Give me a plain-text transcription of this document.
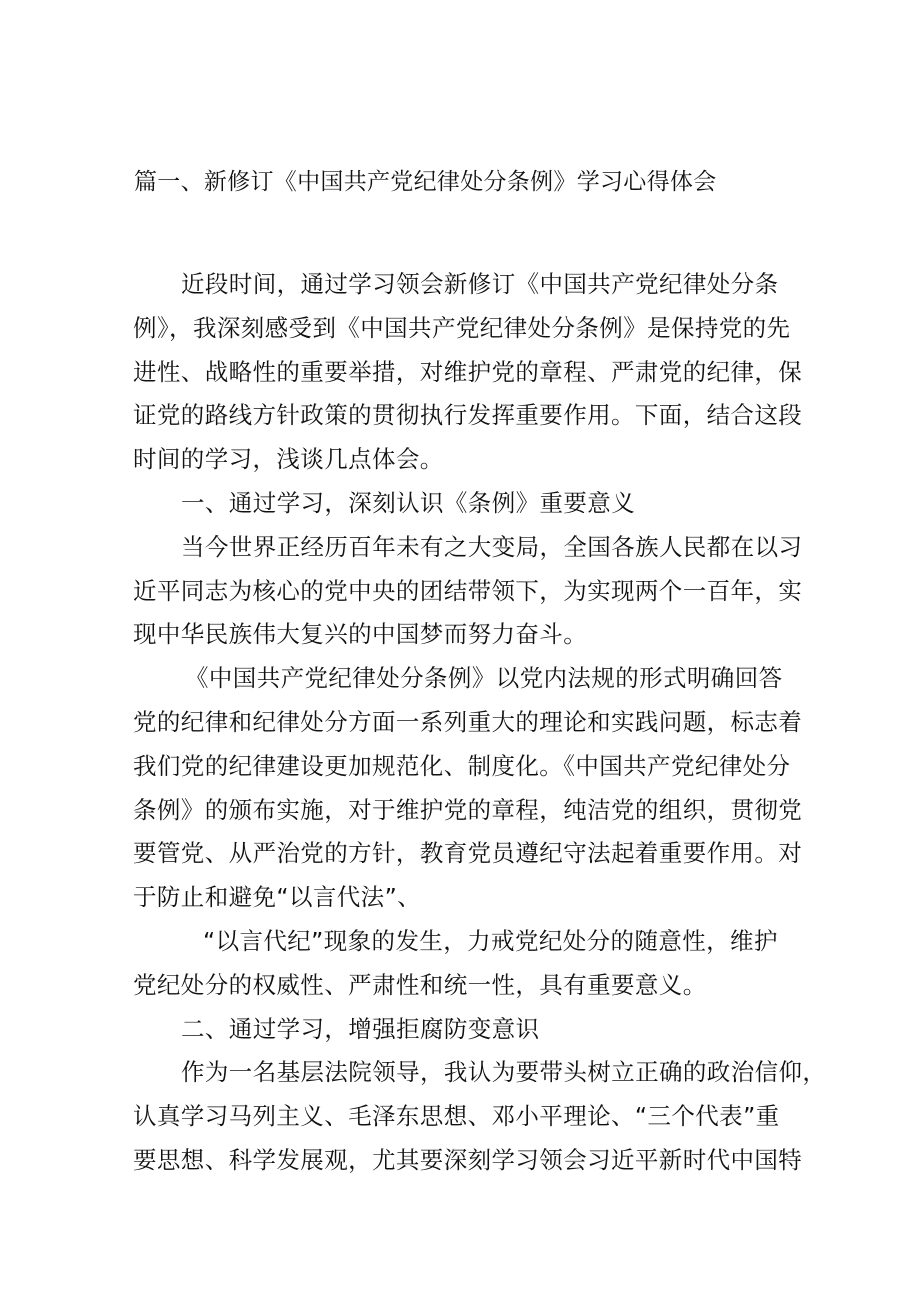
篇一、新修订《中国共产党纪律处分条例》学习心得体会
近段时间，通过学习领会新修订《中国共产党纪律处分条
例》，我深刻感受到《中国共产党纪律处分条例》是保持党的先
进性、战略性的重要举措，对维护党的章程、严肃党的纪律，保
证党的路线方针政策的贯彻执行发挥重要作用。下面，结合这段
时间的学习，浅谈几点体会。
一、通过学习，深刻认识《条例》重要意义
当今世界正经历百年未有之大变局，全国各族人民都在以习
近平同志为核心的党中央的团结带领下，为实现两个一百年，实
现中华民族伟大复兴的中国梦而努力奋斗。
《中国共产党纪律处分条例》以党内法规的形式明确回答
党的纪律和纪律处分方面一系列重大的理论和实践问题，标志着
我们党的纪律建设更加规范化、制度化。《中国共产党纪律处分
条例》的颁布实施，对于维护党的章程，纯洁党的组织，贯彻党
要管党、从严治党的方针，教育党员遵纪守法起着重要作用。对
于防止和避免“以言代法”、
“以言代纪”现象的发生，力戒党纪处分的随意性，维护
党纪处分的权威性、严肃性和统一性，具有重要意义。
二、通过学习，增强拒腐防变意识
作为一名基层法院领导，我认为要带头树立正确的政治信仰，
认真学习马列主义、毛泽东思想、邓小平理论、“三个代表”重
要思想、科学发展观，尤其要深刻学习领会习近平新时代中国特
